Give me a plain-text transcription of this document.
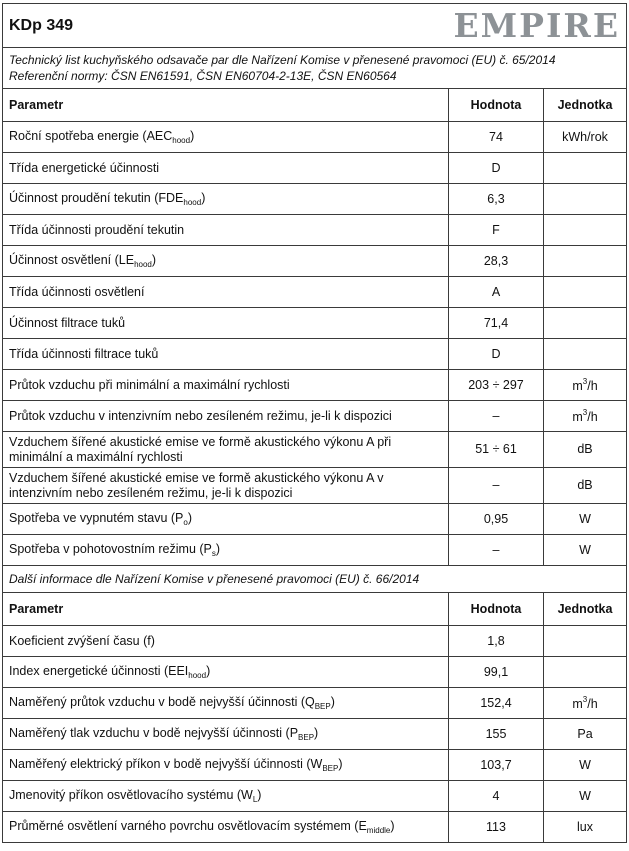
KDp 349 EMPIRE		

Technický list kuchyňského odsavače par dle Nařízení Komise v přenesené pravomoci (EU) č. 65/2014
Referenční normy: ČSN EN61591, ČSN EN60704-2-13E, ČSN EN60564		

Parametr	Hodnota	Jednotka
Roční spotřeba energie $(AEC_{hood})$	74	kWh/rok
Třída energetické účinnosti	D	
Účinnost proudění tekutin $(FDE_{hood})$	6,3	
Třída účinnosti proudění tekutin	F	
Účinnost osvětlení $(LE_{hood})$	28,3	
Třída účinnosti osvětlení	A	
Účinnost filtrace tuků	71,4	
Třída účinnosti filtrace tuků	D	
Průtok vzduchu při minimální a maximální rychlosti	203 ÷ 297	$m^3/h$
Průtok vzduchu v intenzivním nebo zesíleném režimu, je-li k dispozici	–	$m^3/h$
Vzduchem šířené akustické emise ve formě akustického výkonu A při minimální a maximální rychlosti	51 ÷ 61	dB
Vzduchem šířené akustické emise ve formě akustického výkonu A v intenzivním nebo zesíleném režimu, je-li k dispozici	–	dB
Spotřeba ve vypnutém stavu $(P_o)$	0,95	W
Spotřeba v pohotovostním režimu $(P_s)$	–	W
Další informace dle Nařízení Komise v přenesené pravomoci (EU) č. 66/2014		
Parametr	Hodnota	Jednotka
Koeficient zvýšení času (f)	1,8	
Index energetické účinnosti $(EEI_{hood})$	99,1	
Naměřený průtok vzduchu v bodě nejvyšší účinnosti $(Q_{BEP})$	152,4	$m^3/h$
Naměřený tlak vzduchu v bodě nejvyšší účinnosti $(P_{BEP})$	155	Pa
Naměřený elektrický příkon v bodě nejvyšší účinnosti $(W_{BEP})$	103,7	W
Jmenovitý příkon osvětlovacího systému $(W_L)$	4	W
Průměrné osvětlení varného povrchu osvětlovacím systémem $(E_{middle})$	113	lux
